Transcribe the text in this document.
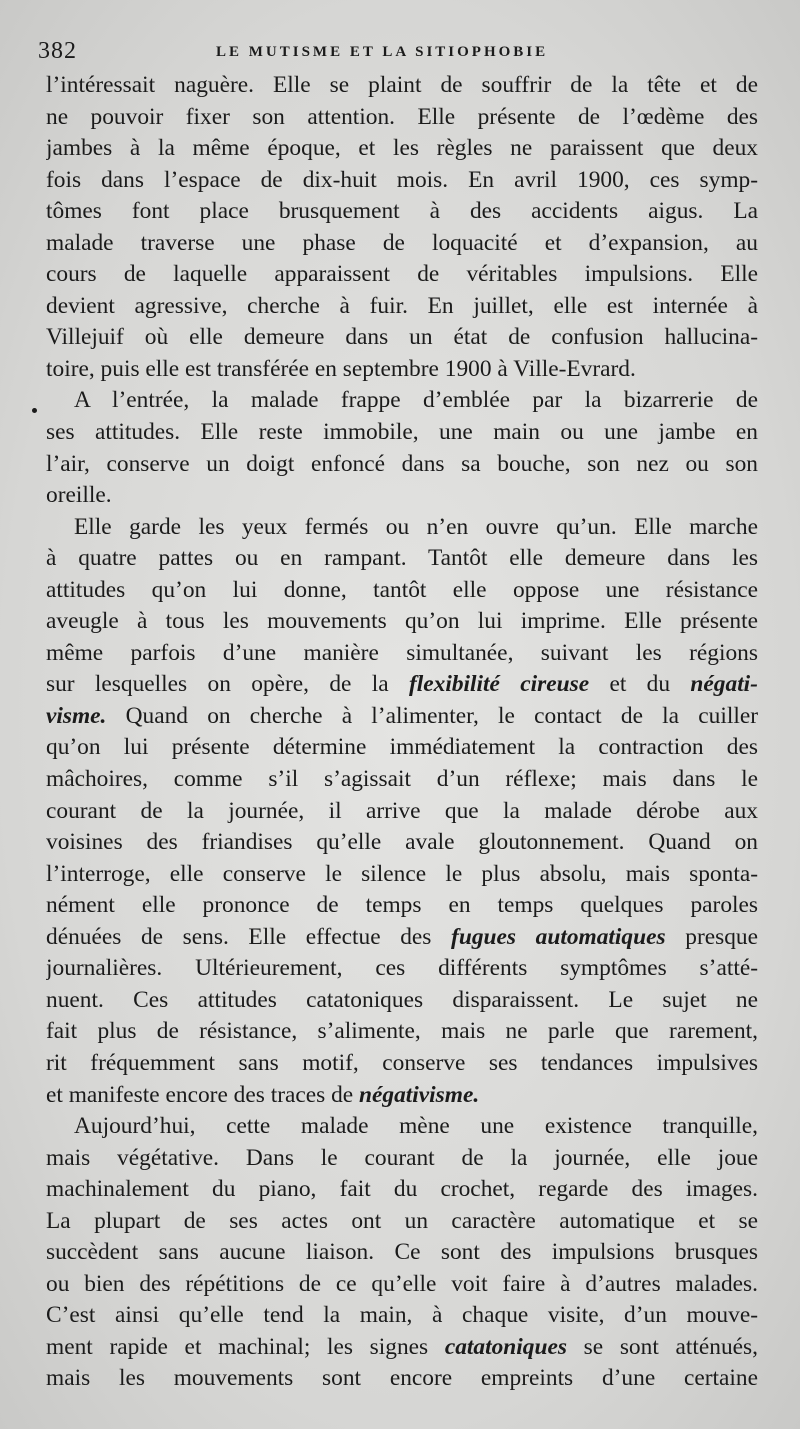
382	LE MUTISME ET LA SITIOPHOBIE

l’intéressait naguère. Elle se plaint de souffrir de la tête et de
ne pouvoir fixer son attention. Elle présente de l’œdème des
jambes à la même époque, et les règles ne paraissent que deux
fois dans l’espace de dix-huit mois. En avril 1900, ces symp-
tômes font place brusquement à des accidents aigus. La
malade traverse une phase de loquacité et d’expansion, au
cours de laquelle apparaissent de véritables impulsions. Elle
devient agressive, cherche à fuir. En juillet, elle est internée à
Villejuif où elle demeure dans un état de confusion hallucina-
toire, puis elle est transférée en septembre 1900 à Ville-Evrard.

A l’entrée, la malade frappe d’emblée par la bizarrerie de
ses attitudes. Elle reste immobile, une main ou une jambe en
l’air, conserve un doigt enfoncé dans sa bouche, son nez ou son
oreille.

Elle garde les yeux fermés ou n’en ouvre qu’un. Elle marche
à quatre pattes ou en rampant. Tantôt elle demeure dans les
attitudes qu’on lui donne, tantôt elle oppose une résistance
aveugle à tous les mouvements qu’on lui imprime. Elle présente
même parfois d’une manière simultanée, suivant les régions
sur lesquelles on opère, de la flexibilité cireuse et du négati-
visme. Quand on cherche à l’alimenter, le contact de la cuiller
qu’on lui présente détermine immédiatement la contraction des
mâchoires, comme s’il s’agissait d’un réflexe; mais dans le
courant de la journée, il arrive que la malade dérobe aux
voisines des friandises qu’elle avale gloutonnement. Quand on
l’interroge, elle conserve le silence le plus absolu, mais sponta-
nément elle prononce de temps en temps quelques paroles
dénuées de sens. Elle effectue des fugues automatiques presque
journalières. Ultérieurement, ces différents symptômes s’atté-
nuent. Ces attitudes catatoniques disparaissent. Le sujet ne
fait plus de résistance, s’alimente, mais ne parle que rarement,
rit fréquemment sans motif, conserve ses tendances impulsives
et manifeste encore des traces de négativisme.

Aujourd’hui, cette malade mène une existence tranquille,
mais végétative. Dans le courant de la journée, elle joue
machinalement du piano, fait du crochet, regarde des images.
La plupart de ses actes ont un caractère automatique et se
succèdent sans aucune liaison. Ce sont des impulsions brusques
ou bien des répétitions de ce qu’elle voit faire à d’autres malades.
C’est ainsi qu’elle tend la main, à chaque visite, d’un mouve-
ment rapide et machinal; les signes catatoniques se sont atténués,
mais les mouvements sont encore empreints d’une certaine
